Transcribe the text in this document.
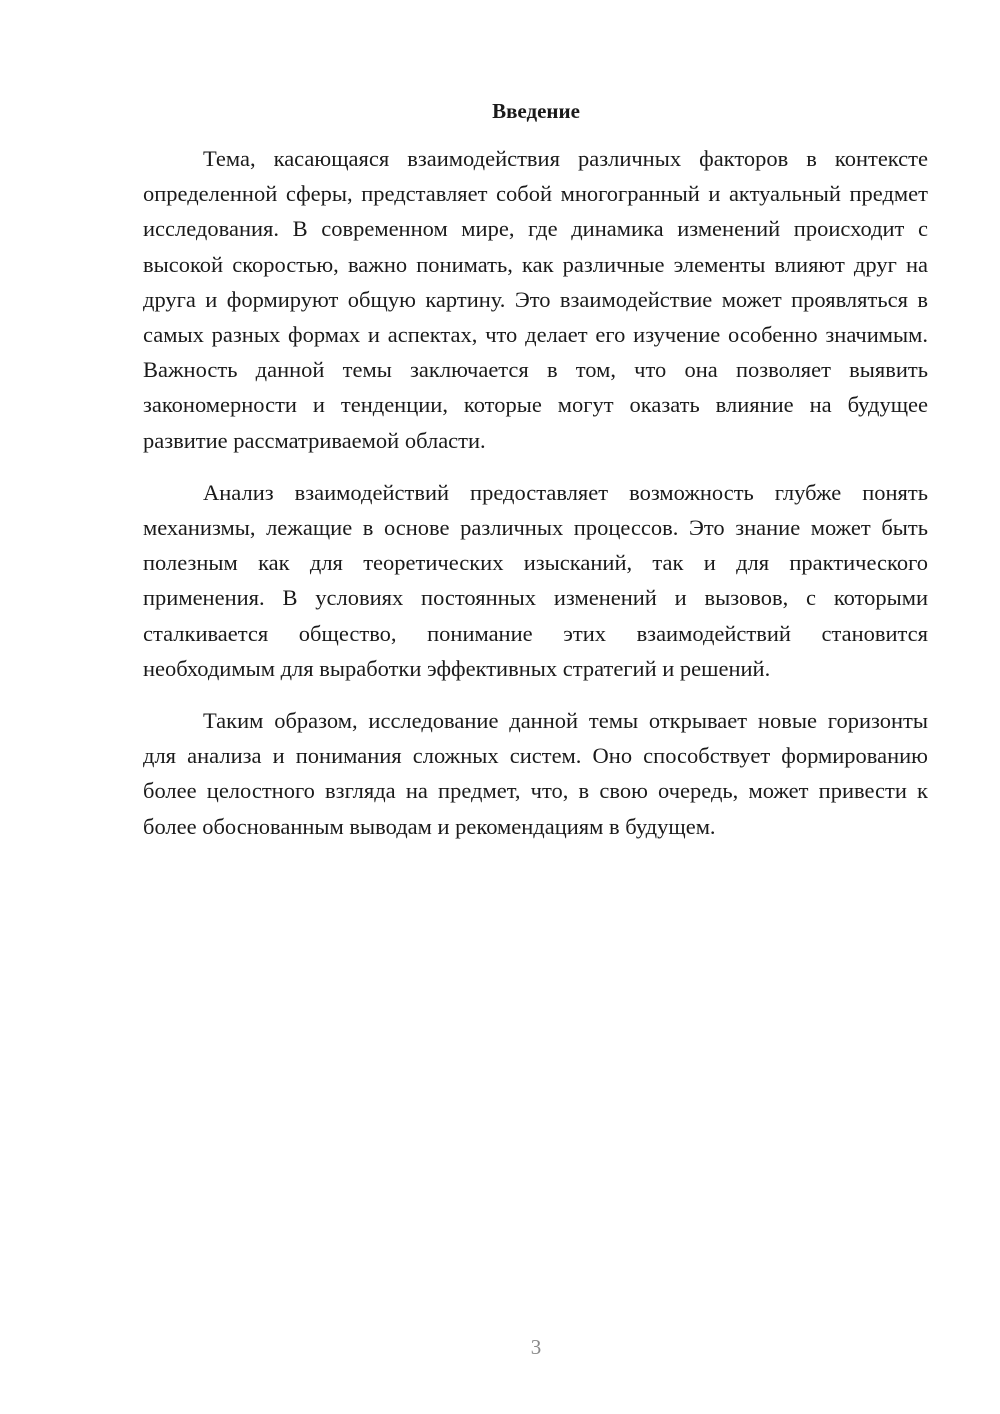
Введение

Тема, касающаяся взаимодействия различных факторов в контексте определенной сферы, представляет собой многогранный и актуальный предмет исследования. В современном мире, где динамика изменений происходит с высокой скоростью, важно понимать, как различные элементы влияют друг на друга и формируют общую картину. Это взаимодействие может проявляться в самых разных формах и аспектах, что делает его изучение особенно значимым. Важность данной темы заключается в том, что она позволяет выявить закономерности и тенденции, которые могут оказать влияние на будущее развитие рассматриваемой области.

Анализ взаимодействий предоставляет возможность глубже понять механизмы, лежащие в основе различных процессов. Это знание может быть полезным как для теоретических изысканий, так и для практического применения. В условиях постоянных изменений и вызовов, с которыми сталкивается общество, понимание этих взаимодействий становится необходимым для выработки эффективных стратегий и решений.

Таким образом, исследование данной темы открывает новые горизонты для анализа и понимания сложных систем. Оно способствует формированию более целостного взгляда на предмет, что, в свою очередь, может привести к более обоснованным выводам и рекомендациям в будущем.

3
